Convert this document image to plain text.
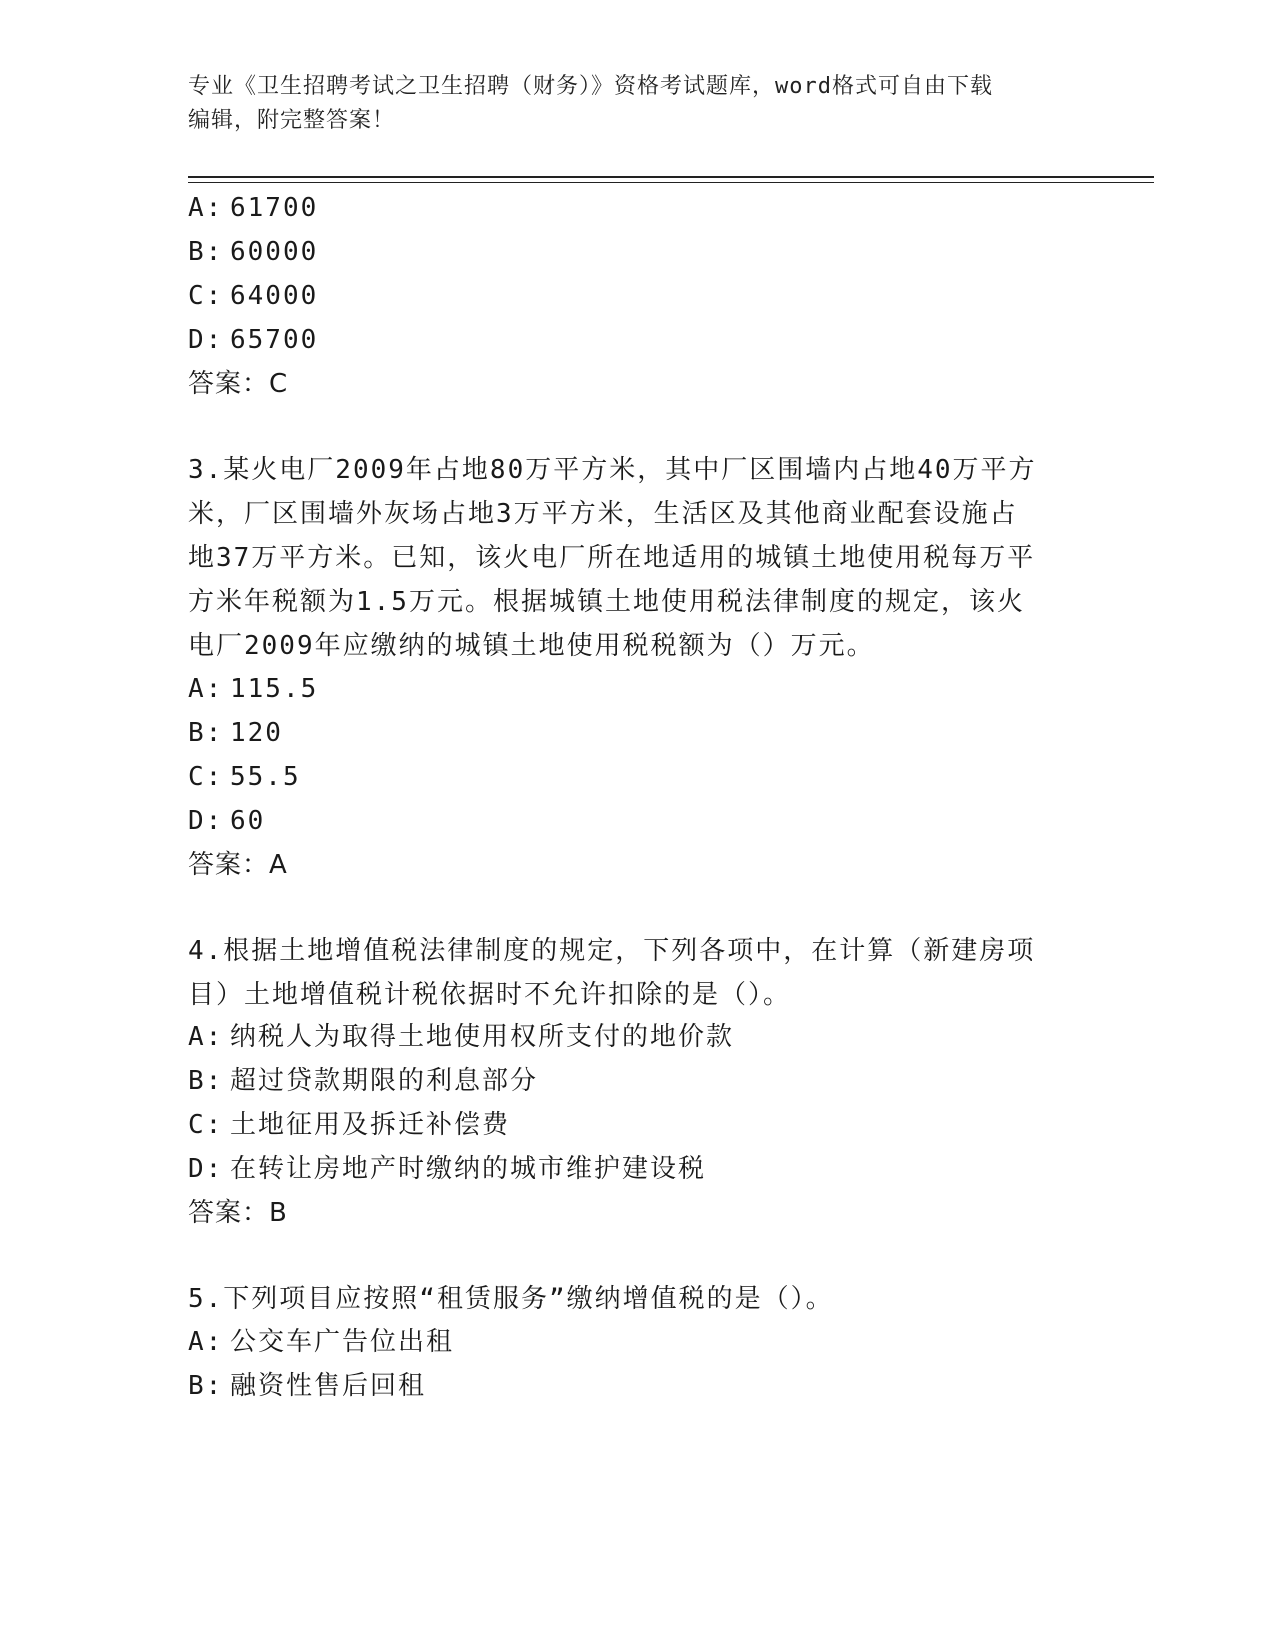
专业《卫生招聘考试之卫生招聘（财务）》资格考试题库，word格式可自由下载
编辑，附完整答案！
A: 61700
B: 60000
C: 64000
D: 65700
答案：C
3.某火电厂2009年占地80万平方米，其中厂区围墙内占地40万平方
米，厂区围墙外灰场占地3万平方米，生活区及其他商业配套设施占
地37万平方米。已知，该火电厂所在地适用的城镇土地使用税每万平
方米年税额为1.5万元。根据城镇土地使用税法律制度的规定，该火
电厂2009年应缴纳的城镇土地使用税税额为（）万元。
A: 115.5
B: 120
C: 55.5
D: 60
答案：A
4.根据土地增值税法律制度的规定，下列各项中，在计算（新建房项
目）土地增值税计税依据时不允许扣除的是（）。
A: 纳税人为取得土地使用权所支付的地价款
B: 超过贷款期限的利息部分
C: 土地征用及拆迁补偿费
D: 在转让房地产时缴纳的城市维护建设税
答案：B
5.下列项目应按照“租赁服务”缴纳增值税的是（）。
A: 公交车广告位出租
B: 融资性售后回租
